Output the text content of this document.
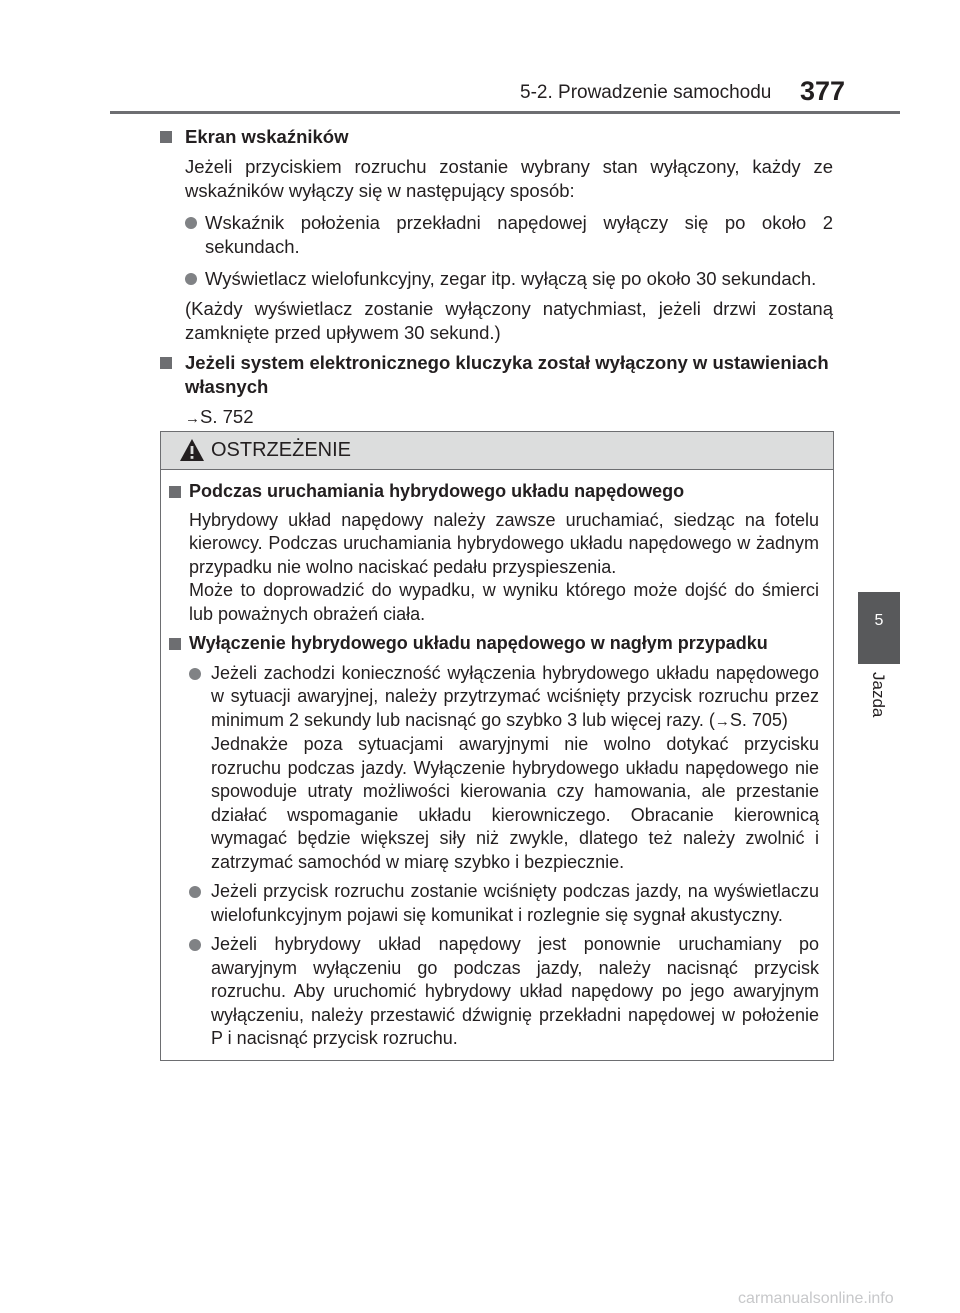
5-2. Prowadzenie samochodu 377
5
Jazda

Ekran wskaźników

Jeżeli przyciskiem rozruchu zostanie wybrany stan wyłączony, każdy ze wskaźników wyłączy się w następujący sposób:

Wskaźnik położenia przekładni napędowej wyłączy się po około 2 sekundach.

Wyświetlacz wielofunkcyjny, zegar itp. wyłączą się po około 30 sekundach.

(Każdy wyświetlacz zostanie wyłączony natychmiast, jeżeli drzwi zostaną zamknięte przed upływem 30 sekund.)

Jeżeli system elektronicznego kluczyka został wyłączony w ustawieniach własnych

→S. 752

OSTRZEŻENIE

Podczas uruchamiania hybrydowego układu napędowego

Hybrydowy układ napędowy należy zawsze uruchamiać, siedząc na fotelu kierowcy. Podczas uruchamiania hybrydowego układu napędowego w żadnym przypadku nie wolno naciskać pedału przyspieszenia.
Może to doprowadzić do wypadku, w wyniku którego może dojść do śmierci lub poważnych obrażeń ciała.

Wyłączenie hybrydowego układu napędowego w nagłym przypadku

Jeżeli zachodzi konieczność wyłączenia hybrydowego układu napędowego w sytuacji awaryjnej, należy przytrzymać wciśnięty przycisk rozruchu przez minimum 2 sekundy lub nacisnąć go szybko 3 lub więcej razy. (→S. 705)
Jednakże poza sytuacjami awaryjnymi nie wolno dotykać przycisku rozruchu podczas jazdy. Wyłączenie hybrydowego układu napędowego nie spowoduje utraty możliwości kierowania czy hamowania, ale przestanie działać wspomaganie układu kierowniczego. Obracanie kierownicą wymagać będzie większej siły niż zwykle, dlatego też należy zwolnić i zatrzymać samochód w miarę szybko i bezpiecznie.

Jeżeli przycisk rozruchu zostanie wciśnięty podczas jazdy, na wyświetlaczu wielofunkcyjnym pojawi się komunikat i rozlegnie się sygnał akustyczny.

Jeżeli hybrydowy układ napędowy jest ponownie uruchamiany po awaryjnym wyłączeniu go podczas jazdy, należy nacisnąć przycisk rozruchu. Aby uruchomić hybrydowy układ napędowy po jego awaryjnym wyłączeniu, należy przestawić dźwignię przekładni napędowej w położenie P i nacisnąć przycisk rozruchu.

carmanualsonline.info
